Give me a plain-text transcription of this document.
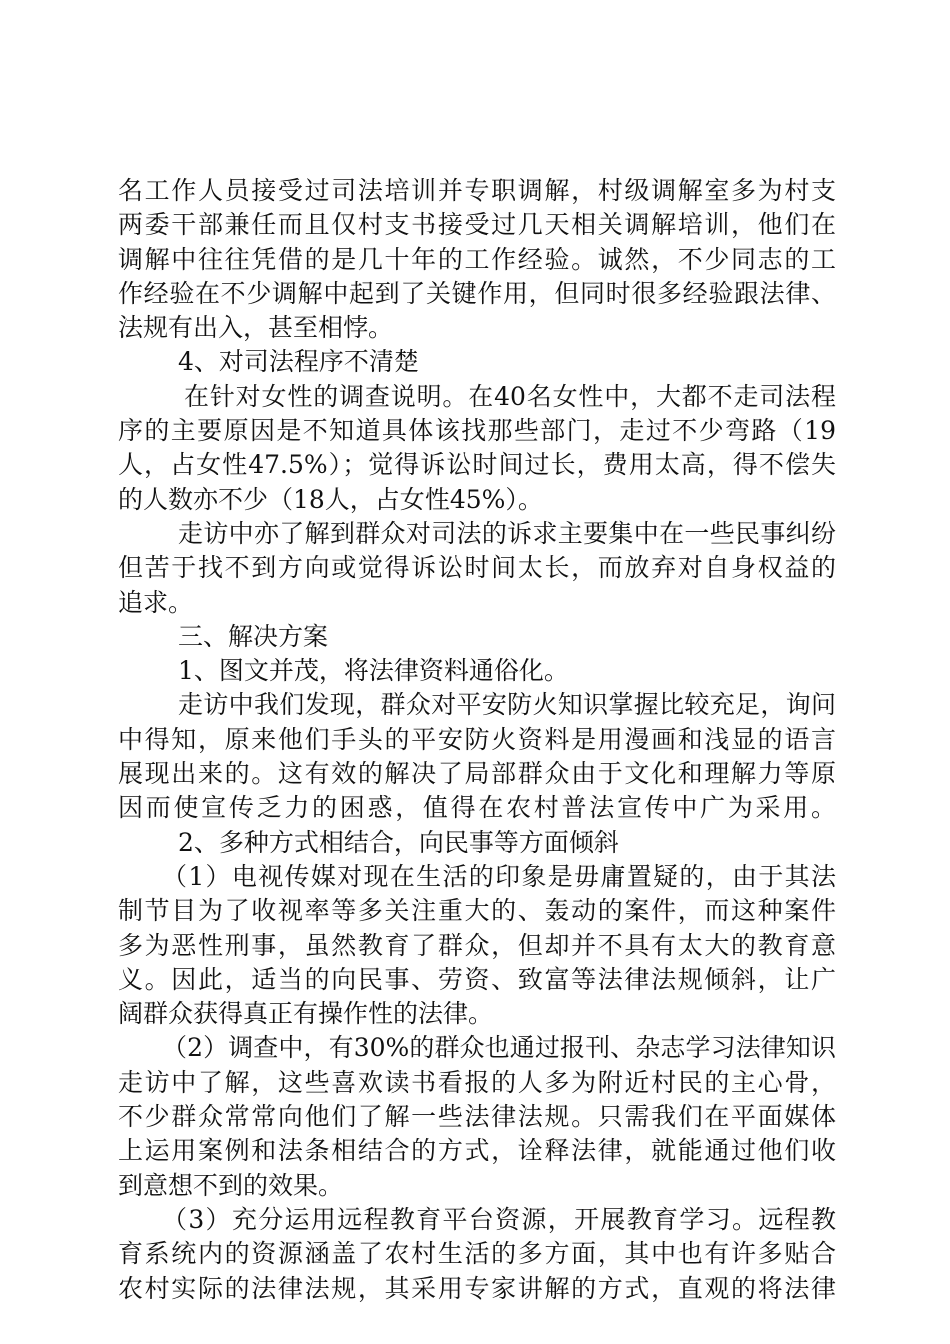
名工作人员接受过司法培训并专职调解，村级调解室多为村支
两委干部兼任而且仅村支书接受过几天相关调解培训，他们在
调解中往往凭借的是几十年的工作经验。诚然，不少同志的工
作经验在不少调解中起到了关键作用，但同时很多经验跟法律、
法规有出入，甚至相悖。
4、对司法程序不清楚
在针对女性的调查说明。在40名女性中，大都不走司法程
序的主要原因是不知道具体该找那些部门，走过不少弯路（19
人，占女性47.5%）；觉得诉讼时间过长，费用太高，得不偿失
的人数亦不少（18人，占女性45%）。
走访中亦了解到群众对司法的诉求主要集中在一些民事纠纷
但苦于找不到方向或觉得诉讼时间太长，而放弃对自身权益的
追求。
三、解决方案
1、图文并茂，将法律资料通俗化。
走访中我们发现，群众对平安防火知识掌握比较充足，询问
中得知，原来他们手头的平安防火资料是用漫画和浅显的语言
展现出来的。这有效的解决了局部群众由于文化和理解力等原
因而使宣传乏力的困惑，值得在农村普法宣传中广为采用。
2、多种方式相结合，向民事等方面倾斜
（1）电视传媒对现在生活的印象是毋庸置疑的，由于其法
制节目为了收视率等多关注重大的、轰动的案件，而这种案件
多为恶性刑事，虽然教育了群众，但却并不具有太大的教育意
义。因此，适当的向民事、劳资、致富等法律法规倾斜，让广
阔群众获得真正有操作性的法律。
（2）调查中，有30%的群众也通过报刊、杂志学习法律知识
走访中了解，这些喜欢读书看报的人多为附近村民的主心骨，
不少群众常常向他们了解一些法律法规。只需我们在平面媒体
上运用案例和法条相结合的方式，诠释法律，就能通过他们收
到意想不到的效果。
（3）充分运用远程教育平台资源，开展教育学习。远程教
育系统内的资源涵盖了农村生活的多方面，其中也有许多贴合
农村实际的法律法规，其采用专家讲解的方式，直观的将法律
